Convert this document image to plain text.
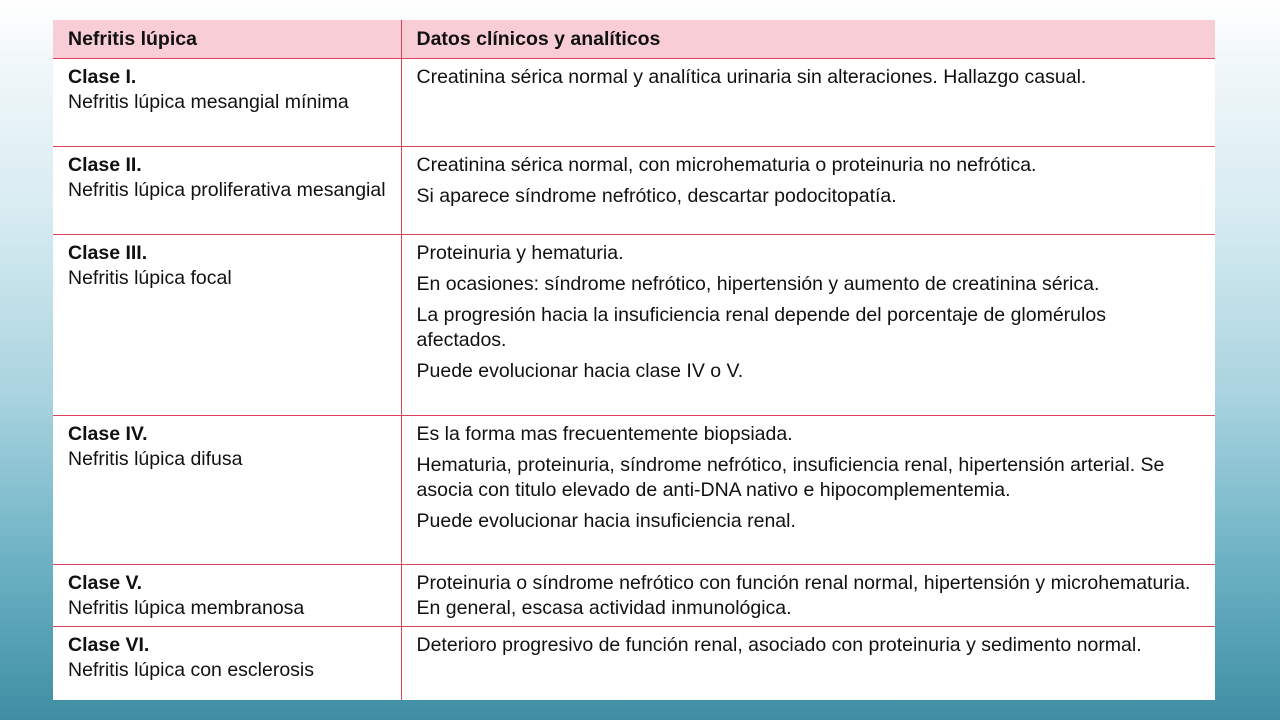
Nefritis lúpica	Datos clínicos y analíticos

Clase I.
Nefritis lúpica mesangial mínima	Creatinina sérica normal y analítica urinaria sin alteraciones. Hallazgo casual.

Clase II.
Nefritis lúpica proliferativa mesangial	Creatinina sérica normal, con microhematuria o proteinuria no nefrótica.
Si aparece síndrome nefrótico, descartar podocitopatía.

Clase III.
Nefritis lúpica focal	Proteinuria y hematuria.
En ocasiones: síndrome nefrótico, hipertensión y aumento de creatinina sérica.
La progresión hacia la insuficiencia renal depende del porcentaje de glomérulos afectados.
Puede evolucionar hacia clase IV o V.

Clase IV.
Nefritis lúpica difusa	Es la forma mas frecuentemente biopsiada.
Hematuria, proteinuria, síndrome nefrótico, insuficiencia renal, hipertensión arterial. Se asocia con titulo elevado de anti-DNA nativo e hipocomplementemia.
Puede evolucionar hacia insuficiencia renal.

Clase V.
Nefritis lúpica membranosa	Proteinuria o síndrome nefrótico con función renal normal, hipertensión y microhematuria. En general, escasa actividad inmunológica.

Clase VI.
Nefritis lúpica con esclerosis	Deterioro progresivo de función renal, asociado con proteinuria y sedimento normal.
